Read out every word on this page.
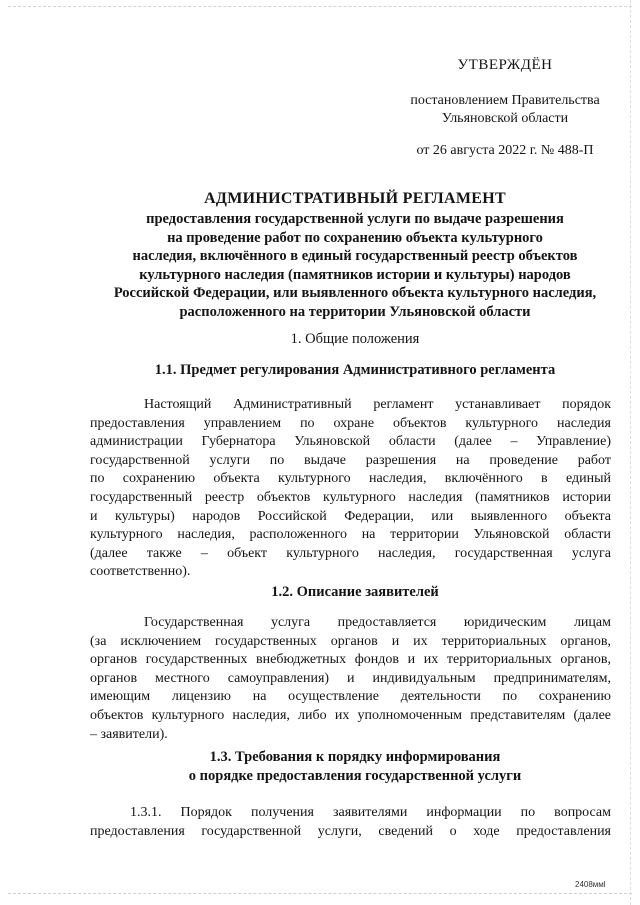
УТВЕРЖДЁН
постановлением Правительства
Ульяновской области
от 26 августа 2022 г. № 488-П
АДМИНИСТРАТИВНЫЙ РЕГЛАМЕНТ
предоставления государственной услуги по выдаче разрешения
на проведение работ по сохранению объекта культурного
наследия, включённого в единый государственный реестр объектов
культурного наследия (памятников истории и культуры) народов
Российской Федерации, или выявленного объекта культурного наследия,
расположенного на территории Ульяновской области
1. Общие положения
1.1. Предмет регулирования Административного регламента
Настоящий Административный регламент устанавливает порядок
предоставления управлением по охране объектов культурного наследия
администрации Губернатора Ульяновской области (далее – Управление)
государственной услуги по выдаче разрешения на проведение работ
по сохранению объекта культурного наследия, включённого в единый
государственный реестр объектов культурного наследия (памятников истории
и культуры) народов Российской Федерации, или выявленного объекта
культурного наследия, расположенного на территории Ульяновской области
(далее также – объект культурного наследия, государственная услуга
соответственно).
1.2. Описание заявителей
Государственная услуга предоставляется юридическим лицам
(за исключением государственных органов и их территориальных органов,
органов государственных внебюджетных фондов и их территориальных органов,
органов местного самоуправления) и индивидуальным предпринимателям,
имеющим лицензию на осуществление деятельности по сохранению
объектов культурного наследия, либо их уполномоченным представителям (далее
– заявители).
1.3. Требования к порядку информирования
о порядке предоставления государственной услуги
1.3.1. Порядок получения заявителями информации по вопросам
предоставления государственной услуги, сведений о ходе предоставления
2408ммl
